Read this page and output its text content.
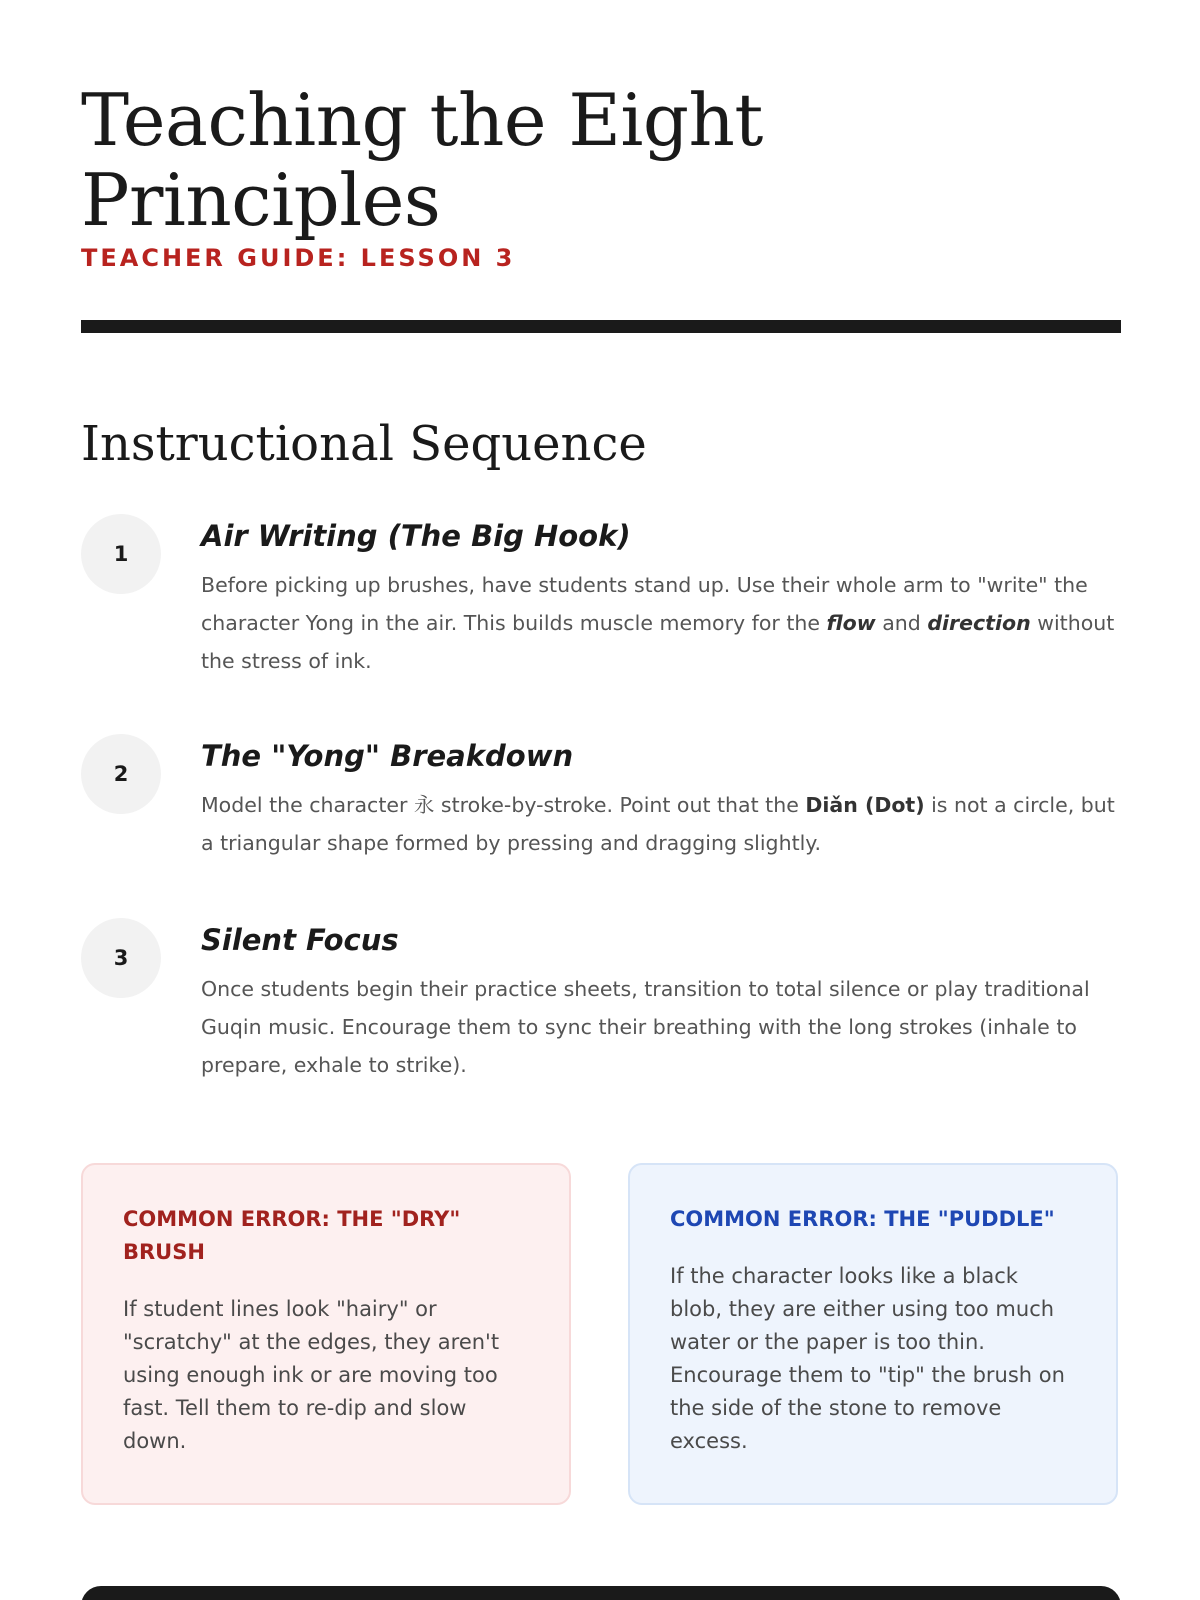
Teaching the Eight Principles
TEACHER GUIDE: LESSON 3
Instructional Sequence
1
Air Writing (The Big Hook)

Before picking up brushes, have students stand up. Use their whole arm to "write" the character Yong in the air. This builds muscle memory for the flow and direction without the stress of ink.

2
The "Yong" Breakdown

Model the character 永 stroke-by-stroke. Point out that the Diǎn (Dot) is not a circle, but a triangular shape formed by pressing and dragging slightly.

3
Silent Focus

Once students begin their practice sheets, transition to total silence or play traditional Guqin music. Encourage them to sync their breathing with the long strokes (inhale to prepare, exhale to strike).

COMMON ERROR: THE "DRY" BRUSH

If student lines look "hairy" or "scratchy" at the edges, they aren't using enough ink or are moving too fast. Tell them to re-dip and slow down.

COMMON ERROR: THE "PUDDLE"

If the character looks like a black blob, they are either using too much water or the paper is too thin. Encourage them to "tip" the brush on the side of the stone to remove excess.
